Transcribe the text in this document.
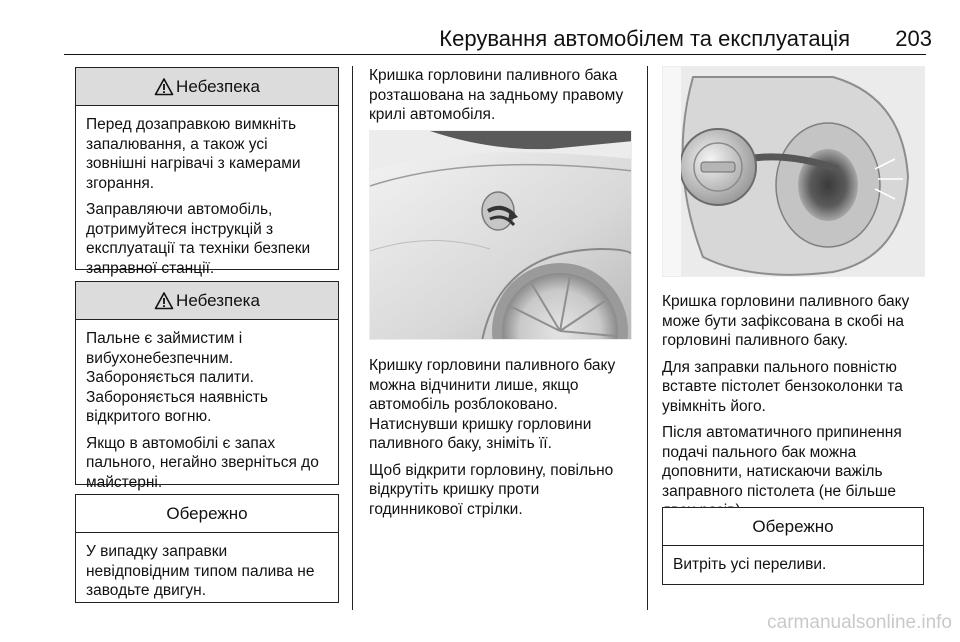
Керування автомобілем та експлуатація	203
Небезпека

Перед дозаправкою вимкніть запалювання, а також усі зовнішні нагрівачі з камерами згорання.

Заправляючи автомобіль, дотримуйтеся інструкцій з експлуатації та техніки безпеки заправної станції.

Небезпека

Пальне є займистим і вибухонебезпечним. Забороняється палити. Забороняється наявність відкритого вогню.

Якщо в автомобілі є запах пального, негайно зверніться до майстерні.

Обережно

У випадку заправки невідповідним типом палива не заводьте двигун.

Кришка горловини паливного бака розташована на задньому правому крилі автомобіля.

Кришку горловини паливного баку можна відчинити лише, якщо автомобіль розблоковано. Натиснувши кришку горловини паливного баку, зніміть її.

Щоб відкрити горловину, повільно відкрутіть кришку проти годинникової стрілки.

Кришка горловини паливного баку може бути зафіксована в скобі на горловині паливного баку.

Для заправки пального повністю вставте пістолет бензоколонки та увімкніть його.

Після автоматичного припинення подачі пального бак можна доповнити, натискаючи важіль заправного пістолета (не більше

Обережно

Витріть усі переливи.

carmanualsonline.info
